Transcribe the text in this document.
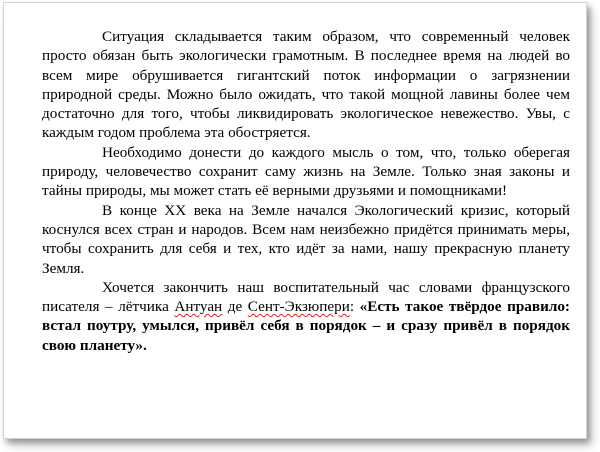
Ситуация складывается таким образом, что современный человек просто обязан быть экологически грамотным. В последнее время на людей во всем мире обрушивается гигантский поток информации о загрязнении природной среды. Можно было ожидать, что такой мощной лавины более чем достаточно для того, чтобы ликвидировать экологическое невежество. Увы, с каждым годом проблема эта обостряется.

Необходимо донести до каждого мысль о том, что, только оберегая природу, человечество сохранит саму жизнь на Земле. Только зная законы и тайны природы, мы может стать её верными друзьями и помощниками!

В конце XX века на Земле начался Экологический кризис, который коснулся всех стран и народов. Всем нам неизбежно придётся принимать меры, чтобы сохранить для себя и тех, кто идёт за нами, нашу прекрасную планету Земля.

Хочется закончить наш воспитательный час словами французского писателя – лётчика Антуан де Сент-Экзюпери: «Есть такое твёрдое правило: встал поутру, умылся, привёл себя в порядок – и сразу привёл в порядок свою планету».
